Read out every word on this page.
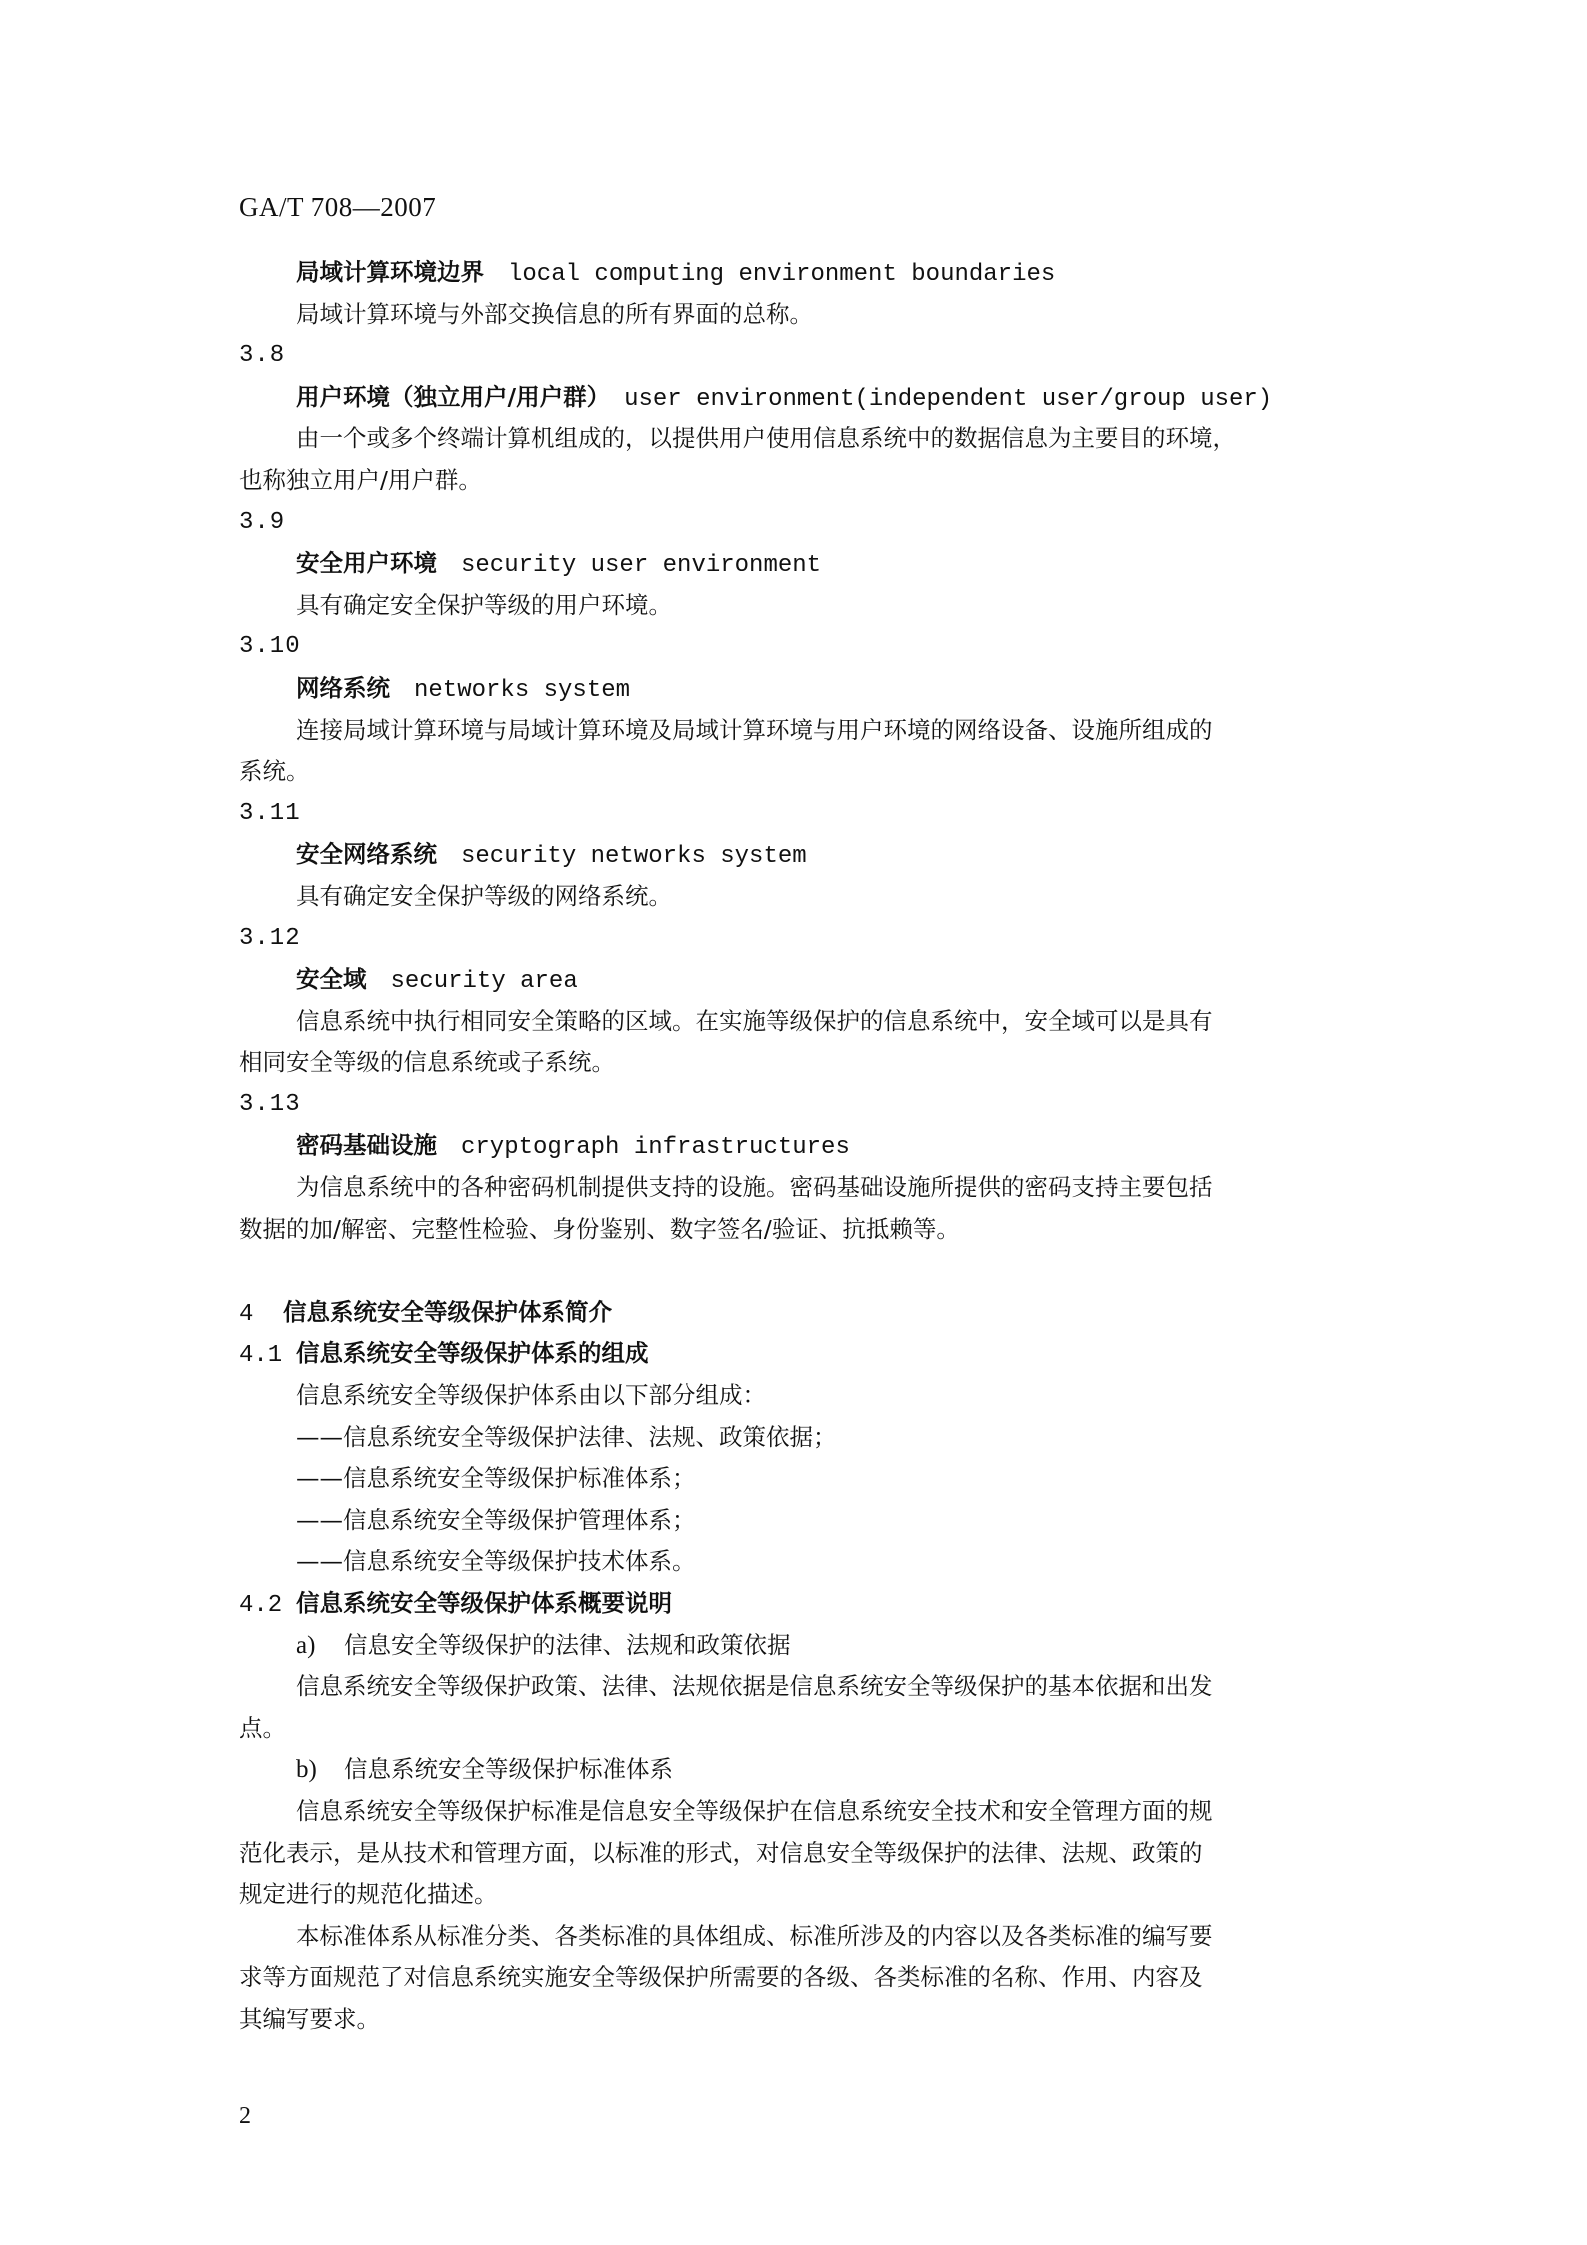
GA/T 708—2007
局域计算环境边界 local computing environment boundaries
局域计算环境与外部交换信息的所有界面的总称。
3.8
用户环境（独立用户/用户群） user environment(independent user/group user)
由一个或多个终端计算机组成的，以提供用户使用信息系统中的数据信息为主要目的环境，
也称独立用户/用户群。
3.9
安全用户环境 security user environment
具有确定安全保护等级的用户环境。
3.10
网络系统 networks system
连接局域计算环境与局域计算环境及局域计算环境与用户环境的网络设备、设施所组成的
系统。
3.11
安全网络系统 security networks system
具有确定安全保护等级的网络系统。
3.12
安全域 security area
信息系统中执行相同安全策略的区域。在实施等级保护的信息系统中，安全域可以是具有
相同安全等级的信息系统或子系统。
3.13
密码基础设施 cryptograph infrastructures
为信息系统中的各种密码机制提供支持的设施。密码基础设施所提供的密码支持主要包括
数据的加/解密、完整性检验、身份鉴别、数字签名/验证、抗抵赖等。
4 信息系统安全等级保护体系简介
4.1 信息系统安全等级保护体系的组成
信息系统安全等级保护体系由以下部分组成：
——信息系统安全等级保护法律、法规、政策依据；
——信息系统安全等级保护标准体系；
——信息系统安全等级保护管理体系；
——信息系统安全等级保护技术体系。
4.2 信息系统安全等级保护体系概要说明
a) 信息安全等级保护的法律、法规和政策依据
信息系统安全等级保护政策、法律、法规依据是信息系统安全等级保护的基本依据和出发
点。
b) 信息系统安全等级保护标准体系
信息系统安全等级保护标准是信息安全等级保护在信息系统安全技术和安全管理方面的规
范化表示，是从技术和管理方面，以标准的形式，对信息安全等级保护的法律、法规、政策的
规定进行的规范化描述。
本标准体系从标准分类、各类标准的具体组成、标准所涉及的内容以及各类标准的编写要
求等方面规范了对信息系统实施安全等级保护所需要的各级、各类标准的名称、作用、内容及
其编写要求。
2
